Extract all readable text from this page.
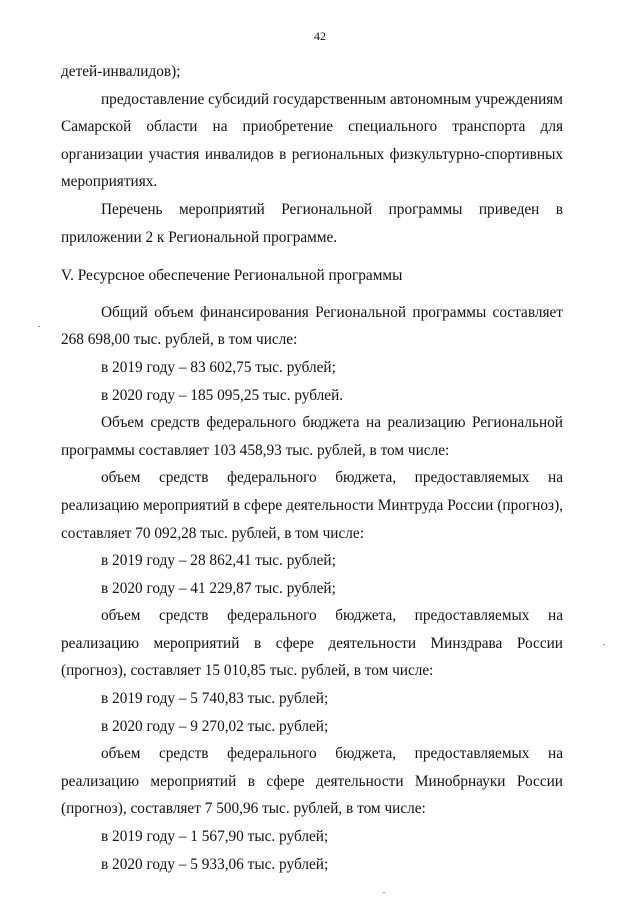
42

детей-инвалидов);

предоставление субсидий государственным автономным учреждениям Самарской области на приобретение специального транспорта для организации участия инвалидов в региональных физкультурно-спортивных мероприятиях.

Перечень мероприятий Региональной программы приведен в приложении 2 к Региональной программе.

V. Ресурсное обеспечение Региональной программы

Общий объем финансирования Региональной программы составляет 268 698,00 тыс. рублей, в том числе:

в 2019 году – 83 602,75 тыс. рублей;

в 2020 году – 185 095,25 тыс. рублей.

Объем средств федерального бюджета на реализацию Региональной программы составляет 103 458,93 тыс. рублей, в том числе:

объем средств федерального бюджета, предоставляемых на реализацию мероприятий в сфере деятельности Минтруда России (прогноз), составляет 70 092,28 тыс. рублей, в том числе:

в 2019 году – 28 862,41 тыс. рублей;

в 2020 году – 41 229,87 тыс. рублей;

объем средств федерального бюджета, предоставляемых на реализацию мероприятий в сфере деятельности Минздрава России (прогноз), составляет 15 010,85 тыс. рублей, в том числе:

в 2019 году – 5 740,83 тыс. рублей;

в 2020 году – 9 270,02 тыс. рублей;

объем средств федерального бюджета, предоставляемых на реализацию мероприятий в сфере деятельности Минобрнауки России (прогноз), составляет 7 500,96 тыс. рублей, в том числе:

в 2019 году – 1 567,90 тыс. рублей;

в 2020 году – 5 933,06 тыс. рублей;
